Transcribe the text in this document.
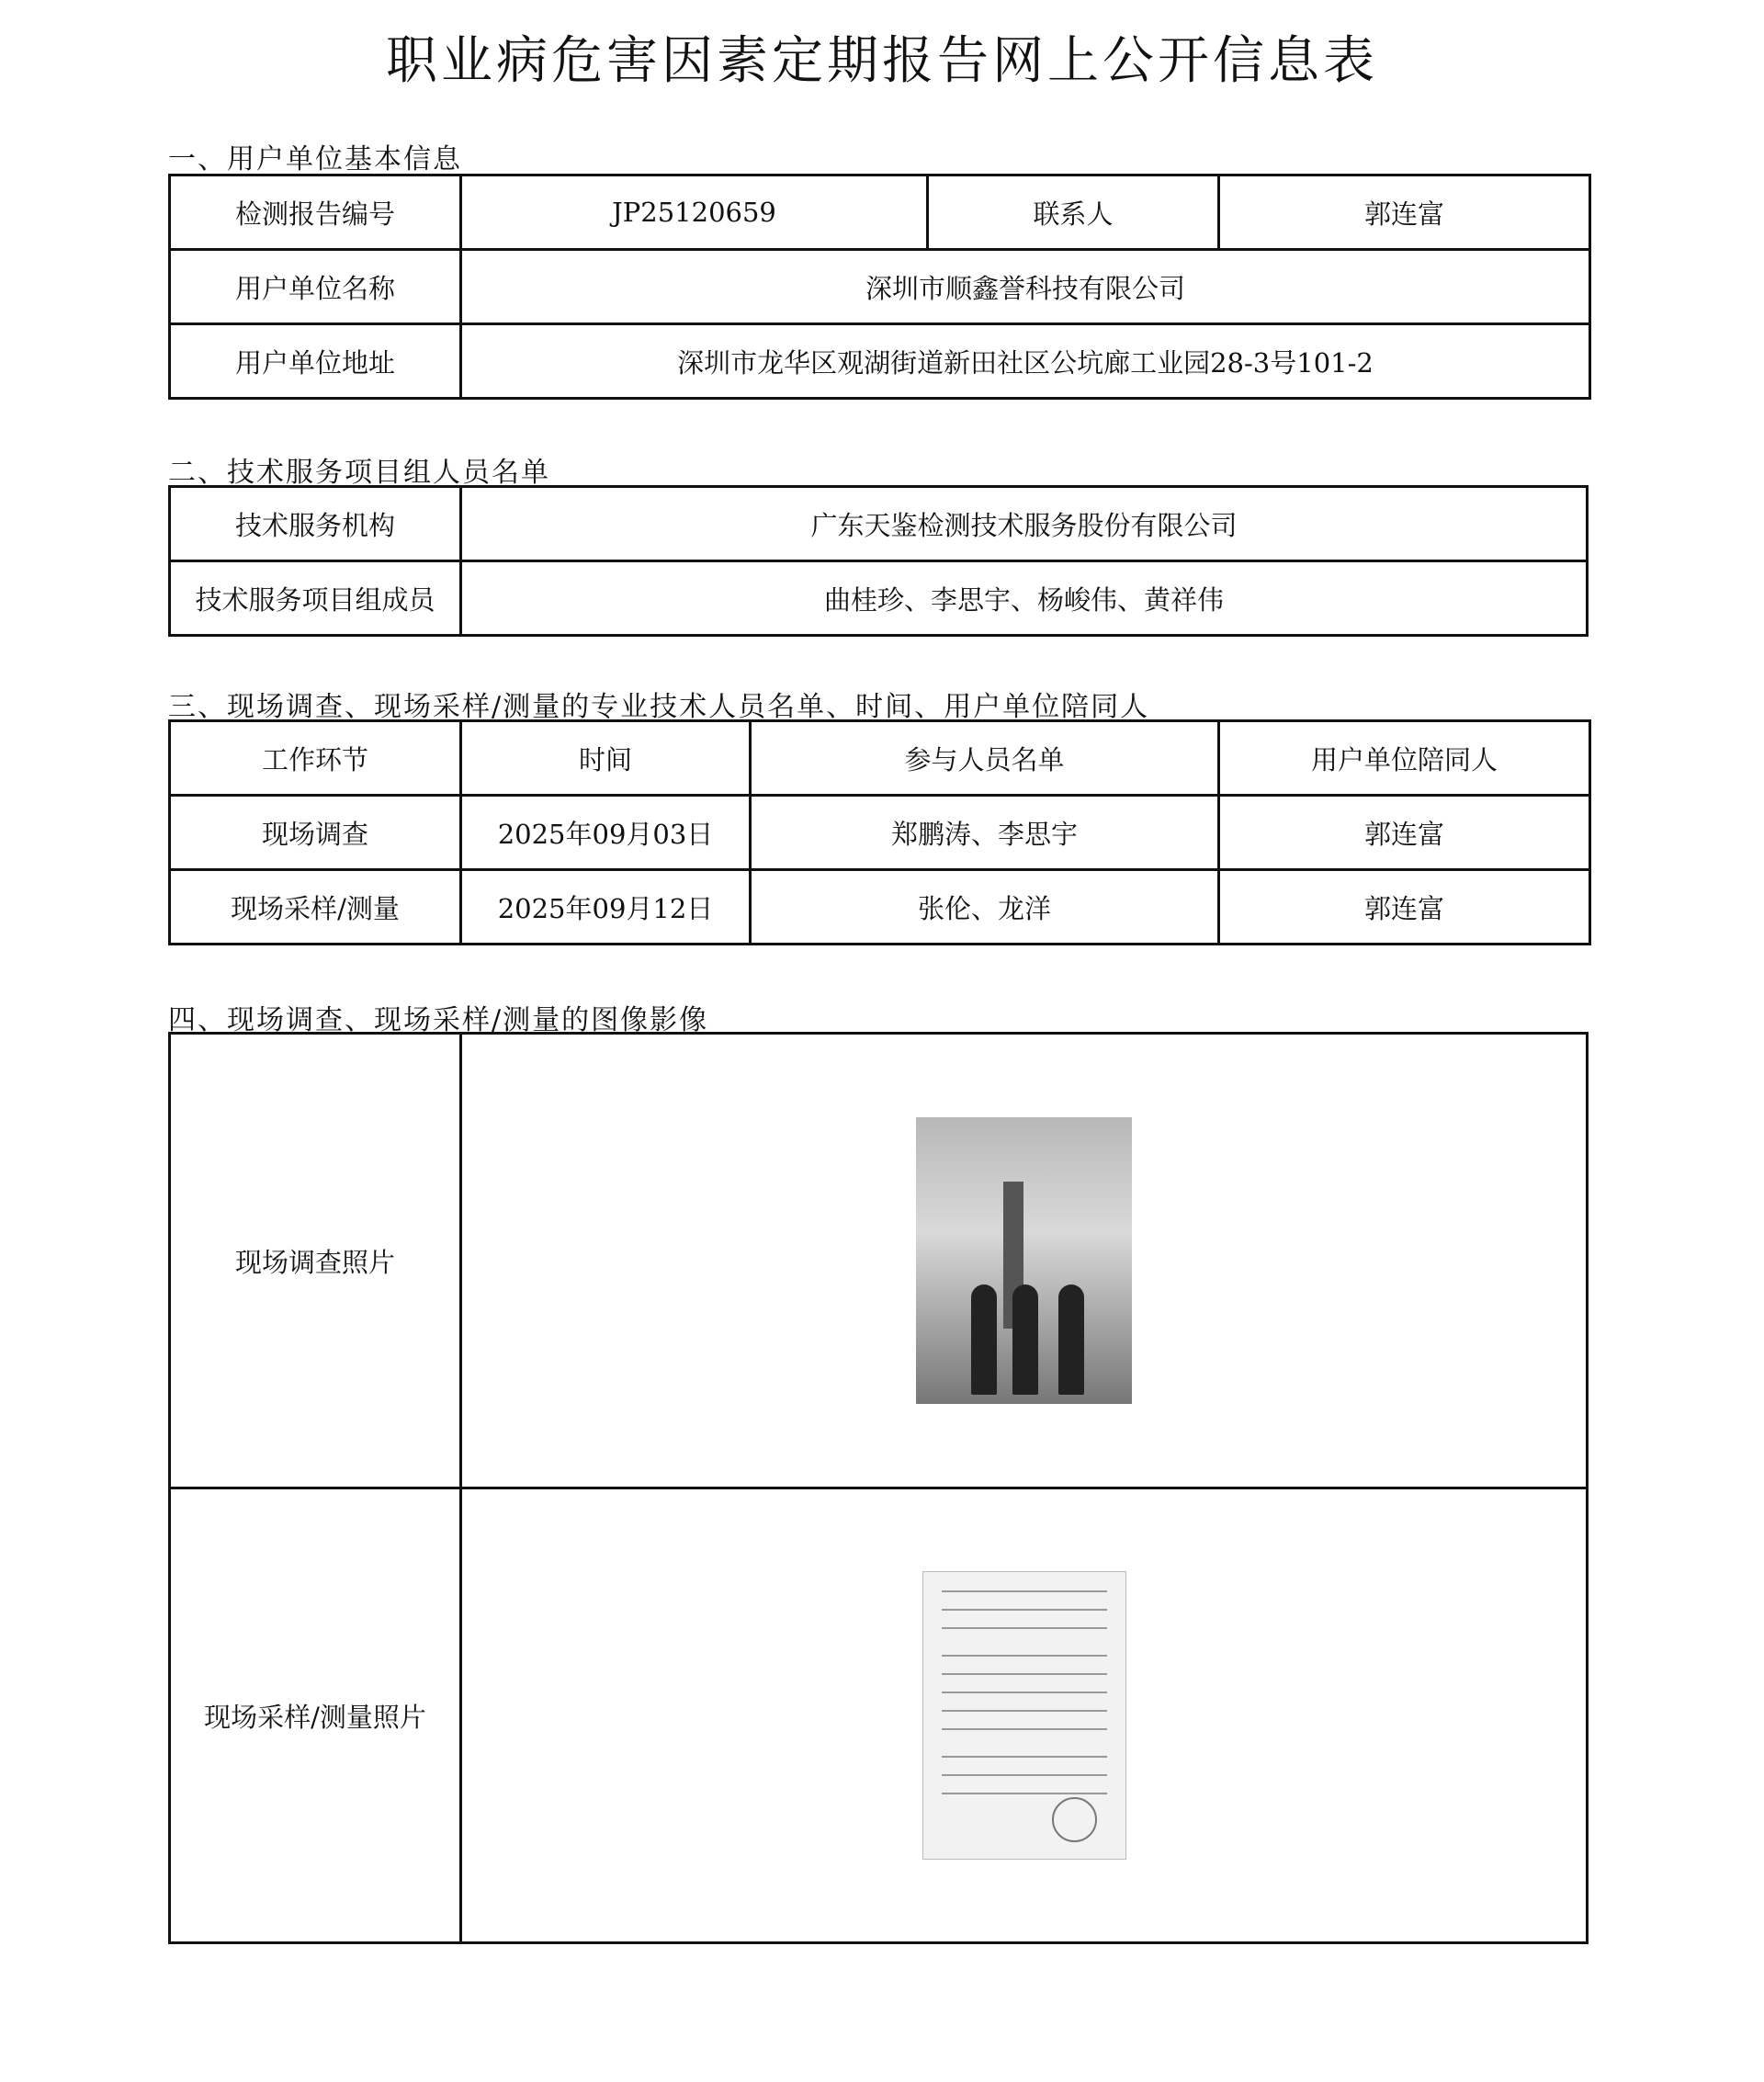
职业病危害因素定期报告网上公开信息表
一、用户单位基本信息
检测报告编号	JP25120659	联系人	郭连富
用户单位名称	深圳市顺鑫誉科技有限公司		
用户单位地址	深圳市龙华区观湖街道新田社区公坑廊工业园28-3号101-2		
二、技术服务项目组人员名单
技术服务机构	广东天鉴检测技术服务股份有限公司
技术服务项目组成员	曲桂珍、李思宇、杨峻伟、黄祥伟
三、现场调查、现场采样/测量的专业技术人员名单、时间、用户单位陪同人
工作环节	时间	参与人员名单	用户单位陪同人
现场调查	2025年09月03日	郑鹏涛、李思宇	郭连富
现场采样/测量	2025年09月12日	张伦、龙洋	郭连富
四、现场调查、现场采样/测量的图像影像
现场调查照片	

现场采样/测量照片	
